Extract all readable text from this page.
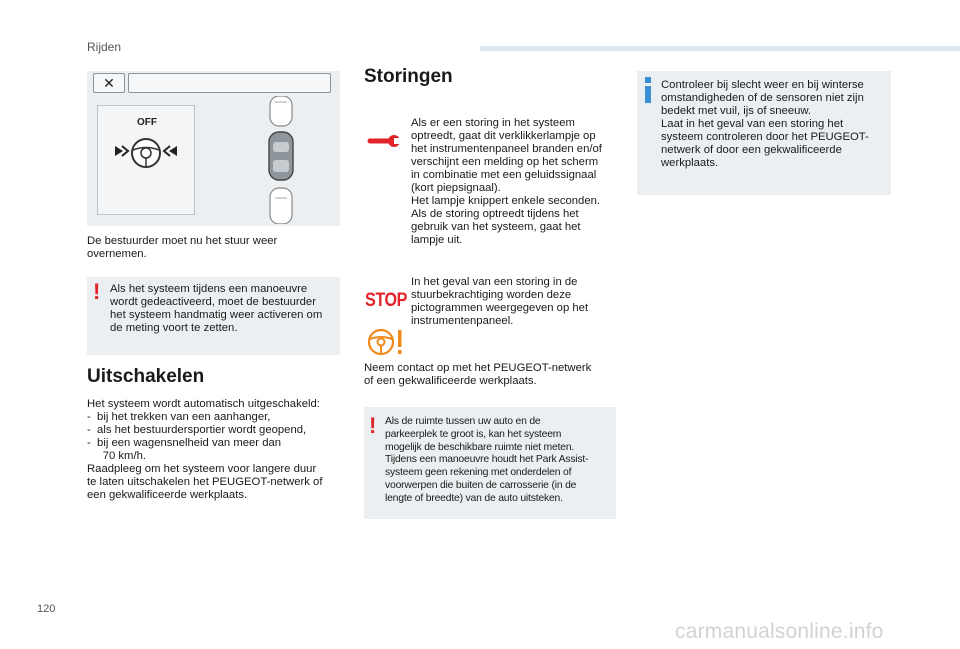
Rijden
✕
OFF
De bestuurder moet nu het stuur weer
overnemen.
! Als het systeem tijdens een manoeuvre
wordt gedeactiveerd, moet de bestuurder
het systeem handmatig weer activeren om
de meting voort te zetten.
Uitschakelen
Het systeem wordt automatisch uitgeschakeld:
-  bij het trekken van een aanhanger,
-  als het bestuurdersportier wordt geopend,
-  bij een wagensnelheid van meer dan
70 km/h.
Raadpleeg om het systeem voor langere duur
te laten uitschakelen het PEUGEOT-netwerk of
een gekwalificeerde werkplaats.
Storingen
Als er een storing in het systeem
optreedt, gaat dit verklikkerlampje op
het instrumentenpaneel branden en/of
verschijnt een melding op het scherm
in combinatie met een geluidssignaal
(kort piepsignaal).
Het lampje knippert enkele seconden.
Als de storing optreedt tijdens het
gebruik van het systeem, gaat het
lampje uit.
STOP
In het geval van een storing in de
stuurbekrachtiging worden deze
pictogrammen weergegeven op het
instrumentenpaneel.
Neem contact op met het PEUGEOT-netwerk
of een gekwalificeerde werkplaats.
! Als de ruimte tussen uw auto en de
parkeerplek te groot is, kan het systeem
mogelijk de beschikbare ruimte niet meten.
Tijdens een manoeuvre houdt het Park Assist-
systeem geen rekening met onderdelen of
voorwerpen die buiten de carrosserie (in de
lengte of breedte) van de auto uitsteken.
Controleer bij slecht weer en bij winterse
omstandigheden of de sensoren niet zijn
bedekt met vuil, ijs of sneeuw.
Laat in het geval van een storing het
systeem controleren door het PEUGEOT-
netwerk of door een gekwalificeerde
werkplaats.
120
carmanualsonline.info
